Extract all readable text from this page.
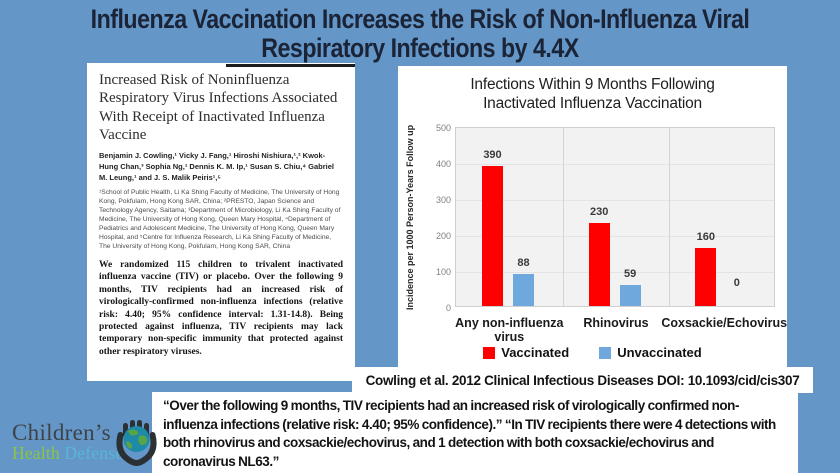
Influenza Vaccination Increases the Risk of Non-Influenza Viral
Respiratory Infections by 4.4X
Increased Risk of Noninfluenza Respiratory Virus Infections Associated With Receipt of Inactivated Influenza Vaccine
Benjamin J. Cowling,¹ Vicky J. Fang,¹ Hiroshi Nishiura,¹,² Kwok-Hung Chan,³ Sophia Ng,¹ Dennis K. M. Ip,¹ Susan S. Chiu,⁴ Gabriel M. Leung,¹ and J. S. Malik Peiris¹,⁵
¹School of Public Health, Li Ka Shing Faculty of Medicine, The University of Hong Kong, Pokfulam, Hong Kong SAR, China; ²PRESTO, Japan Science and Technology Agency, Saitama; ³Department of Microbiology, Li Ka Shing Faculty of Medicine, The University of Hong Kong, Queen Mary Hospital, ⁴Department of Pediatrics and Adolescent Medicine, The University of Hong Kong, Queen Mary Hospital, and ⁵Centre for Influenza Research, Li Ka Shing Faculty of Medicine, The University of Hong Kong, Pokfulam, Hong Kong SAR, China
We randomized 115 children to trivalent inactivated influenza vaccine (TIV) or placebo. Over the following 9 months, TIV recipients had an increased risk of virologically-confirmed non-influenza infections (relative risk: 4.40; 95% confidence interval: 1.31-14.8). Being protected against influenza, TIV recipients may lack temporary non-specific immunity that protected against other respiratory viruses.
Infections Within 9 Months Following Inactivated Influenza Vaccination
Incidence per 1000 Person-Years Follow up	0
100
200
300
400
500
390
88
Any non-influenza virus
230
59
Rhinovirus
160
0
Coxsackie/Echovirus
Vaccinated	Unvaccinated
Cowling et al. 2012 Clinical Infectious Diseases DOI: 10.1093/cid/cis307
“Over the following 9 months, TIV recipients had an increased risk of virologically confirmed non-influenza infections (relative risk: 4.40; 95% confidence).” “In TIV recipients there were 4 detections with both rhinovirus and coxsackie/echovirus, and 1 detection with both coxsackie/echovirus and coronavirus NL63.”
Children’s
Health Defense
